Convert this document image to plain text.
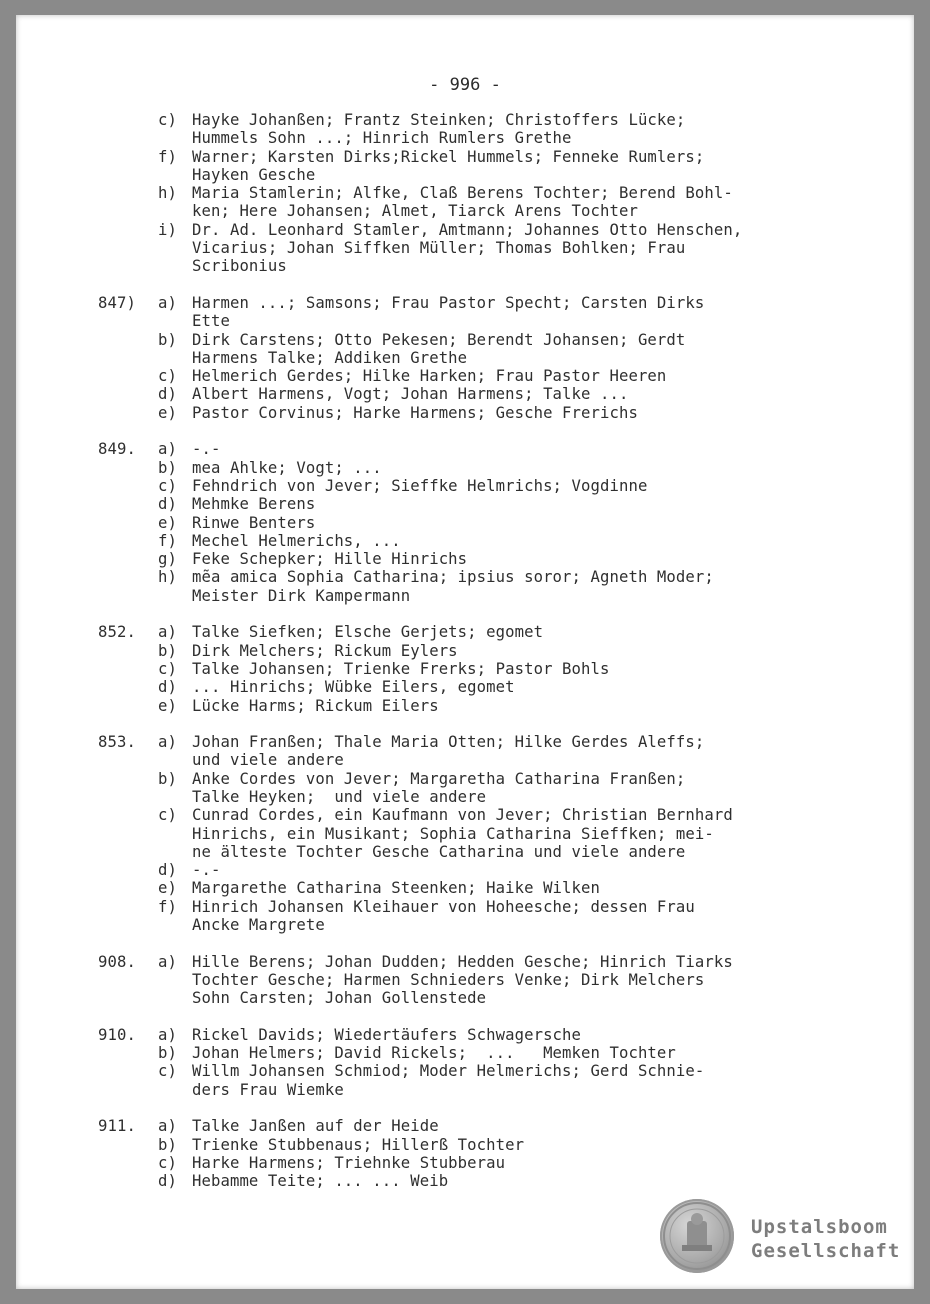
- 996 -
c) Hayke Johanßen; Frantz Steinken; Christoffers Lücke;
Hummels Sohn ...; Hinrich Rumlers Grethe
f) Warner; Karsten Dirks;Rickel Hummels; Fenneke Rumlers;
Hayken Gesche
h) Maria Stamlerin; Alfke, Claß Berens Tochter; Berend Bohl-
ken; Here Johansen; Almet, Tiarck Arens Tochter
i) Dr. Ad. Leonhard Stamler, Amtmann; Johannes Otto Henschen,
Vicarius; Johan Siffken Müller; Thomas Bohlken; Frau
Scribonius
847)	a) Harmen ...; Samsons; Frau Pastor Specht; Carsten Dirks
Ette
b) Dirk Carstens; Otto Pekesen; Berendt Johansen; Gerdt
Harmens Talke; Addiken Grethe
c) Helmerich Gerdes; Hilke Harken; Frau Pastor Heeren
d) Albert Harmens, Vogt; Johan Harmens; Talke ...
e) Pastor Corvinus; Harke Harmens; Gesche Frerichs
849.	a) -.-
b) mea Ahlke; Vogt; ...
c) Fehndrich von Jever; Sieffke Helmrichs; Vogdinne
d) Mehmke Berens
e) Rinwe Benters
f) Mechel Helmerichs, ...
g) Feke Schepker; Hille Hinrichs
h) mẽa amica Sophia Catharina; ipsius soror; Agneth Moder;
Meister Dirk Kampermann
852.	a) Talke Siefken; Elsche Gerjets; egomet
b) Dirk Melchers; Rickum Eylers
c) Talke Johansen; Trienke Frerks; Pastor Bohls
d) ... Hinrichs; Wübke Eilers, egomet
e) Lücke Harms; Rickum Eilers
853.	a) Johan Franßen; Thale Maria Otten; Hilke Gerdes Aleffs;
und viele andere
b) Anke Cordes von Jever; Margaretha Catharina Franßen;
Talke Heyken;  und viele andere
c) Cunrad Cordes, ein Kaufmann von Jever; Christian Bernhard
Hinrichs, ein Musikant; Sophia Catharina Sieffken; mei-
ne älteste Tochter Gesche Catharina und viele andere
d) -.-
e) Margarethe Catharina Steenken; Haike Wilken
f) Hinrich Johansen Kleihauer von Hoheesche; dessen Frau
Ancke Margrete
908.	a) Hille Berens; Johan Dudden; Hedden Gesche; Hinrich Tiarks
Tochter Gesche; Harmen Schnieders Venke; Dirk Melchers
Sohn Carsten; Johan Gollenstede
910.	a) Rickel Davids; Wiedertäufers Schwagersche
b) Johan Helmers; David Rickels;  ...   Memken Tochter
c) Willm Johansen Schmiod; Moder Helmerichs; Gerd Schnie-
ders Frau Wiemke
911.	a) Talke Janßen auf der Heide
b) Trienke Stubbenaus; Hillerß Tochter
c) Harke Harmens; Triehnke Stubberau
d) Hebamme Teite; ... ... Weib
Upstalsboom
Gesellschaft
